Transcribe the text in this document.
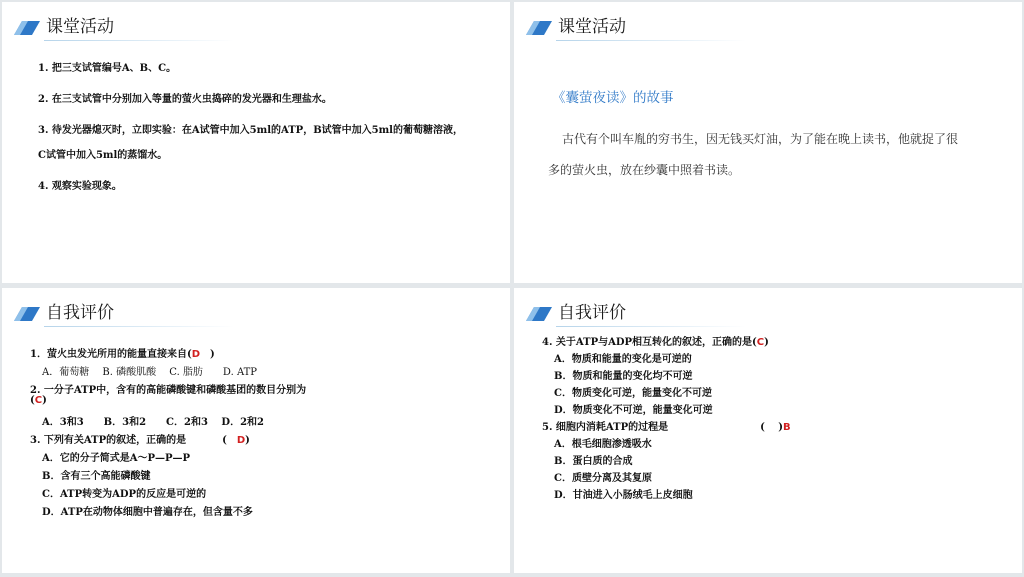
课堂活动
1. 把三支试管编号A、B、C。
2. 在三支试管中分别加入等量的萤火虫捣碎的发光器和生理盐水。
3. 待发光器熄灭时，立即实验：在A试管中加入5ml的ATP，B试管中加入5ml的葡萄糖溶液，
C试管中加入5ml的蒸馏水。
4. 观察实验现象。
课堂活动
《囊萤夜读》的故事
古代有个叫车胤的穷书生，因无钱买灯油，为了能在晚上读书，他就捉了很
多的萤火虫，放在纱囊中照着书读。
自我评价
1．萤火虫发光所用的能量直接来自(D )
A．葡萄糖　 B. 磷酸肌酸　 C. 脂肪　　D. ATP
2. 一分子ATP中，含有的高能磷酸键和磷酸基团的数目分别为
(C)
A．3和3　　B．3和2　　C．2和3　 D．2和2
3. 下列有关ATP的叙述，正确的是	( D)
A．它的分子简式是A～P—P—P
B．含有三个高能磷酸键
C．ATP转变为ADP的反应是可逆的
D．ATP在动物体细胞中普遍存在，但含量不多
自我评价
4. 关于ATP与ADP相互转化的叙述，正确的是(C)
A．物质和能量的变化是可逆的
B．物质和能量的变化均不可逆
C．物质变化可逆，能量变化不可逆
D．物质变化不可逆，能量变化可逆
5. 细胞内消耗ATP的过程是	(　 )B
A．根毛细胞渗透吸水
B．蛋白质的合成
C．质壁分离及其复原
D．甘油进入小肠绒毛上皮细胞
